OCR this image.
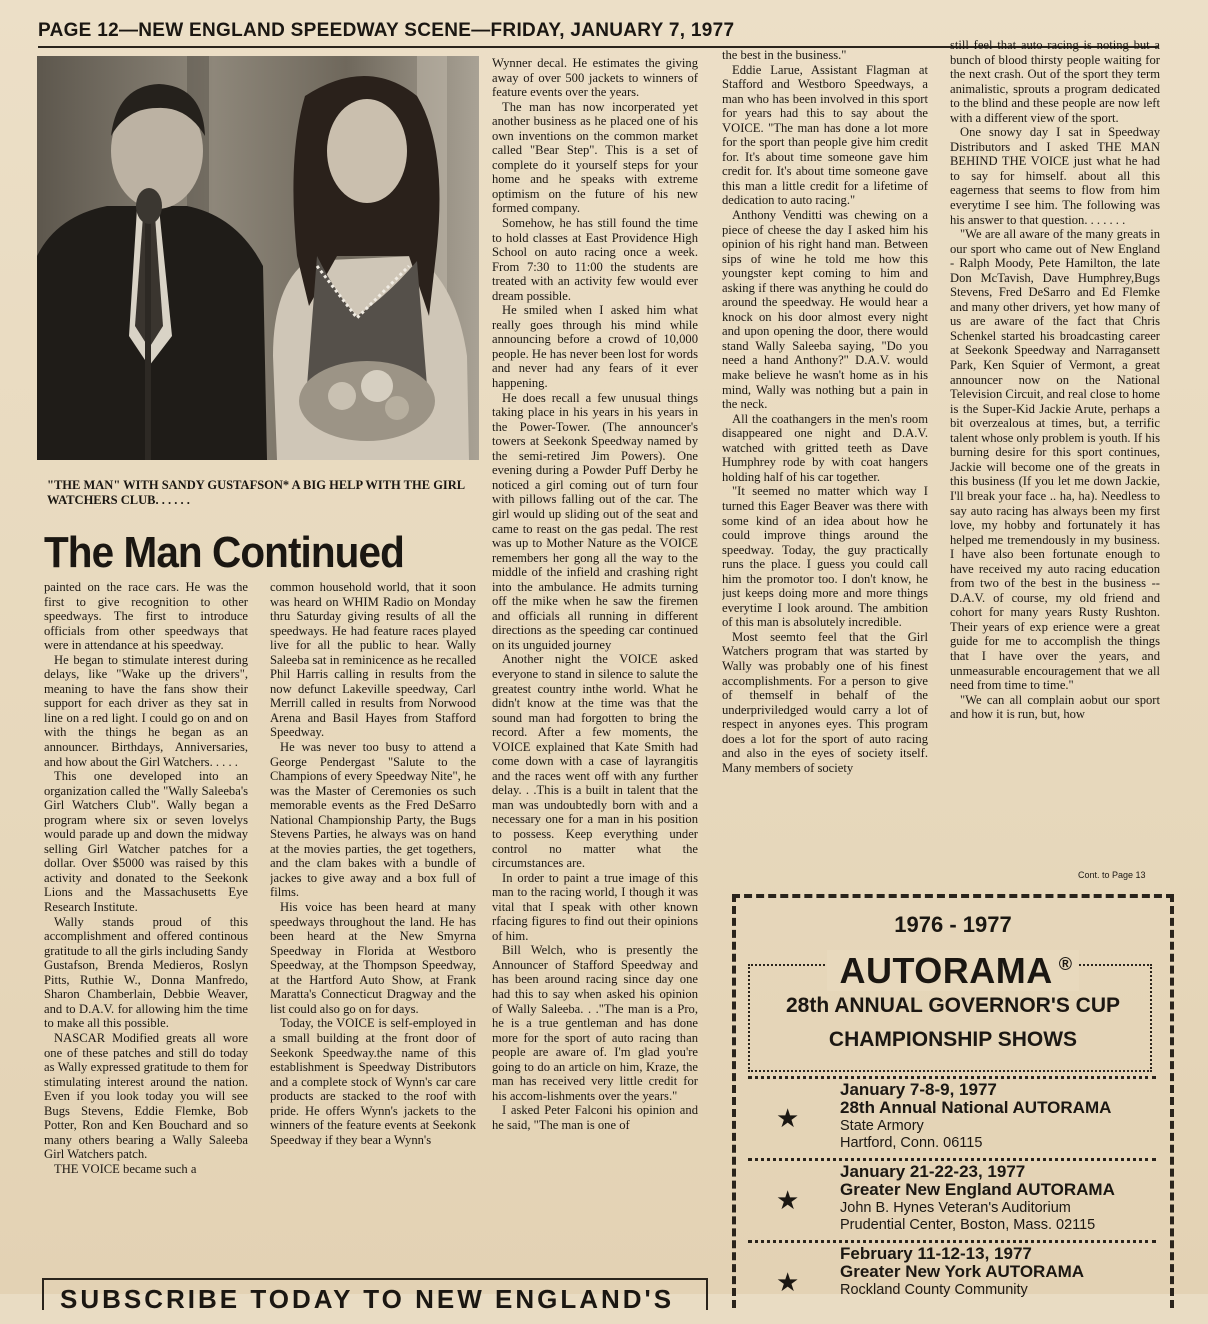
PAGE 12—NEW ENGLAND SPEEDWAY SCENE—FRIDAY, JANUARY 7, 1977
"THE MAN" WITH SANDY GUSTAFSON* A BIG HELP WITH THE GIRL WATCHERS CLUB. . . . . .
The Man Continued

painted on the race cars. He was the first to give recognition to other speedways. The first to introduce officials from other speedways that were in attendance at his speedway.

He began to stimulate interest during delays, like "Wake up the drivers", meaning to have the fans show their support for each driver as they sat in line on a red light. I could go on and on with the things he began as an announcer. Birthdays, Anniversaries, and how about the Girl Watchers. . . . .

This one developed into an organization called the "Wally Saleeba's Girl Watchers Club". Wally began a program where six or seven lovelys would parade up and down the midway selling Girl Watcher patches for a dollar. Over $5000 was raised by this activity and donated to the Seekonk Lions and the Massachusetts Eye Research Institute.

Wally stands proud of this accomplishment and offered continous gratitude to all the girls including Sandy Gustafson, Brenda Medieros, Roslyn Pitts, Ruthie W., Donna Manfredo, Sharon Chamberlain, Debbie Weaver, and to D.A.V. for allowing him the time to make all this possible.

NASCAR Modified greats all wore one of these patches and still do today as Wally expressed gratitude to them for stimulating interest around the nation. Even if you look today you will see Bugs Stevens, Eddie Flemke, Bob Potter, Ron and Ken Bouchard and so many others bearing a Wally Saleeba Girl Watchers patch.

THE VOICE became such a

common household world, that it soon was heard on WHIM Radio on Monday thru Saturday giving results of all the speedways. He had feature races played live for all the public to hear. Wally Saleeba sat in reminicence as he recalled Phil Harris calling in results from the now defunct Lakeville speedway, Carl Merrill called in results from Norwood Arena and Basil Hayes from Stafford Speedway.

He was never too busy to attend a George Pendergast "Salute to the Champions of every Speedway Nite", he was the Master of Ceremonies os such memorable events as the Fred DeSarro National Championship Party, the Bugs Stevens Parties, he always was on hand at the movies parties, the get togethers, and the clam bakes with a bundle of jackes to give away and a box full of films.

His voice has been heard at many speedways throughout the land. He has been heard at the New Smyrna Speedway in Florida at Westboro Speedway, at the Thompson Speedway, at the Hartford Auto Show, at Frank Maratta's Connecticut Dragway and the list could also go on for days.

Today, the VOICE is self-employed in a small building at the front door of Seekonk Speedway.the name of this establishment is Speedway Distributors and a complete stock of Wynn's car care products are stacked to the roof with pride. He offers Wynn's jackets to the winners of the feature events at Seekonk Speedway if they bear a Wynn's

Wynner decal. He estimates the giving away of over 500 jackets to winners of feature events over the years.

The man has now incorperated yet another business as he placed one of his own inventions on the common market called "Bear Step". This is a set of complete do it yourself steps for your home and he speaks with extreme optimism on the future of his new formed company.

Somehow, he has still found the time to hold classes at East Providence High School on auto racing once a week. From 7:30 to 11:00 the students are treated with an activity few would ever dream possible.

He smiled when I asked him what really goes through his mind while announcing before a crowd of 10,000 people. He has never been lost for words and never had any fears of it ever happening.

He does recall a few unusual things taking place in his years in his years in the Power-Tower. (The announcer's towers at Seekonk Speedway named by the semi-retired Jim Powers). One evening during a Powder Puff Derby he noticed a girl coming out of turn four with pillows falling out of the car. The girl would up sliding out of the seat and came to reast on the gas pedal. The rest was up to Mother Nature as the VOICE remembers her gong all the way to the middle of the infield and crashing right into the ambulance. He admits turning off the mike when he saw the firemen and officials all running in different directions as the speeding car continued on its unguided journey

Another night the VOICE asked everyone to stand in silence to salute the greatest country inthe world. What he didn't know at the time was that the sound man had forgotten to bring the record. After a few moments, the VOICE explained that Kate Smith had come down with a case of layrangitis and the races went off with any further delay. . .This is a built in talent that the man was undoubtedly born with and a necessary one for a man in his position to possess. Keep everything under control no matter what the circumstances are.

In order to paint a true image of this man to the racing world, I though it was vital that I speak with other known rfacing figures to find out their opinions of him.

Bill Welch, who is presently the Announcer of Stafford Speedway and has been around racing since day one had this to say when asked his opinion of Wally Saleeba. . ."The man is a Pro, he is a true gentleman and has done more for the sport of auto racing than people are aware of. I'm glad you're going to do an article on him, Kraze, the man has received very little credit for his accom-lishments over the years."

I asked Peter Falconi his opinion and he said, "The man is one of

the best in the business."

Eddie Larue, Assistant Flagman at Stafford and Westboro Speedways, a man who has been involved in this sport for years had this to say about the VOICE. "The man has done a lot more for the sport than people give him credit for. It's about time someone gave him credit for. It's about time someone gave this man a little credit for a lifetime of dedication to auto racing."

Anthony Venditti was chewing on a piece of cheese the day I asked him his opinion of his right hand man. Between sips of wine he told me how this youngster kept coming to him and asking if there was anything he could do around the speedway. He would hear a knock on his door almost every night and upon opening the door, there would stand Wally Saleeba saying, "Do you need a hand Anthony?" D.A.V. would make believe he wasn't home as in his mind, Wally was nothing but a pain in the neck.

All the coathangers in the men's room disappeared one night and D.A.V. watched with gritted teeth as Dave Humphrey rode by with coat hangers holding half of his car together.

"It seemed no matter which way I turned this Eager Beaver was there with some kind of an idea about how he could improve things around the speedway. Today, the guy practically runs the place. I guess you could call him the promotor too. I don't know, he just keeps doing more and more things everytime I look around. The ambition of this man is absolutely incredible.

Most seemto feel that the Girl Watchers program that was started by Wally was probably one of his finest accomplishments. For a person to give of themself in behalf of the underpriviledged would carry a lot of respect in anyones eyes. This program does a lot for the sport of auto racing and also in the eyes of society itself. Many members of society

still feel that auto racing is noting but a bunch of blood thirsty people waiting for the next crash. Out of the sport they term animalistic, sprouts a program dedicated to the blind and these people are now left with a different view of the sport.

One snowy day I sat in Speedway Distributors and I asked THE MAN BEHIND THE VOICE just what he had to say for himself. about all this eagerness that seems to flow from him everytime I see him. The following was his answer to that question. . . . . . .

"We are all aware of the many greats in our sport who came out of New England - Ralph Moody, Pete Hamilton, the late Don McTavish, Dave Humphrey,Bugs Stevens, Fred DeSarro and Ed Flemke and many other drivers, yet how many of us are aware of the fact that Chris Schenkel started his broadcasting career at Seekonk Speedway and Narragansett Park, Ken Squier of Vermont, a great announcer now on the National Television Circuit, and real close to home is the Super-Kid Jackie Arute, perhaps a bit overzealous at times, but, a terrific talent whose only problem is youth. If his burning desire for this sport continues, Jackie will become one of the greats in this business (If you let me down Jackie, I'll break your face .. ha, ha). Needless to say auto racing has always been my first love, my hobby and fortunately it has helped me tremendously in my business. I have also been fortunate enough to have received my auto racing education from two of the best in the business -- D.A.V. of course, my old friend and cohort for many years Rusty Rushton. Their years of exp erience were a great guide for me to accomplish the things that I have over the years, and unmeasurable encouragement that we all need from time to time."

"We can all complain aobut our sport and how it is run, but, how

Cont. to Page 13
SUBSCRIBE TODAY TO NEW ENGLAND'S
1976 - 1977
AUTORAMA ®
28th ANNUAL GOVERNOR'S CUP
CHAMPIONSHIP SHOWS
★
January 7-8-9, 1977
28th Annual National AUTORAMA
State Armory
Hartford, Conn. 06115
★
January 21-22-23, 1977
Greater New England AUTORAMA
John B. Hynes Veteran's Auditorium
Prudential Center, Boston, Mass. 02115
★
February 11-12-13, 1977
Greater New York AUTORAMA
Rockland County Community
